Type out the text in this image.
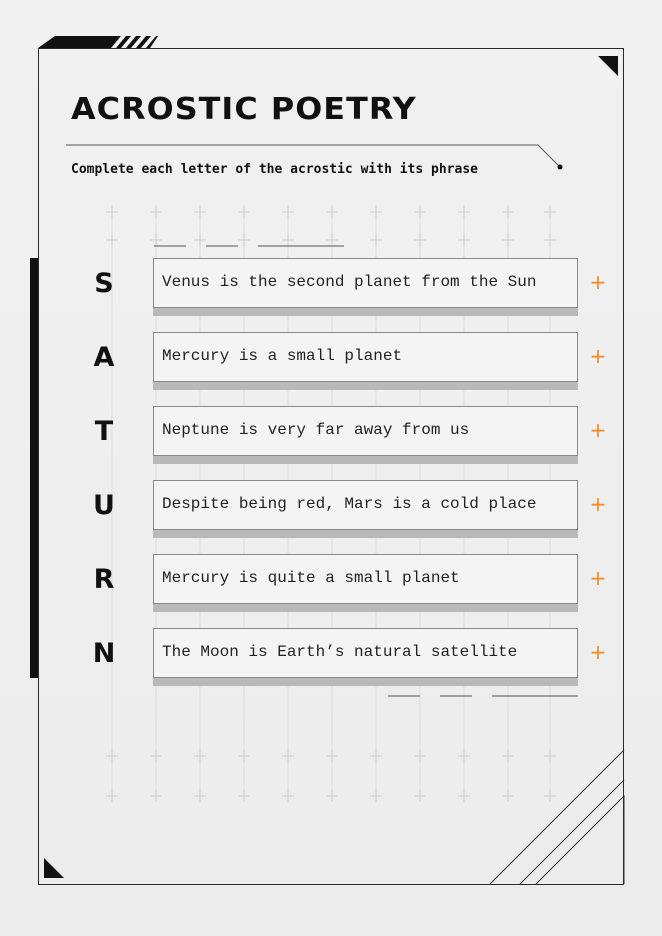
ACROSTIC POETRY
Complete each letter of the acrostic with its phrase
S	Venus is the second planet from the Sun	+
A	Mercury is a small planet	+
T	Neptune is very far away from us	+
U	Despite being red, Mars is a cold place	+
R	Mercury is quite a small planet	+
N	The Moon is Earth’s natural satellite	+
